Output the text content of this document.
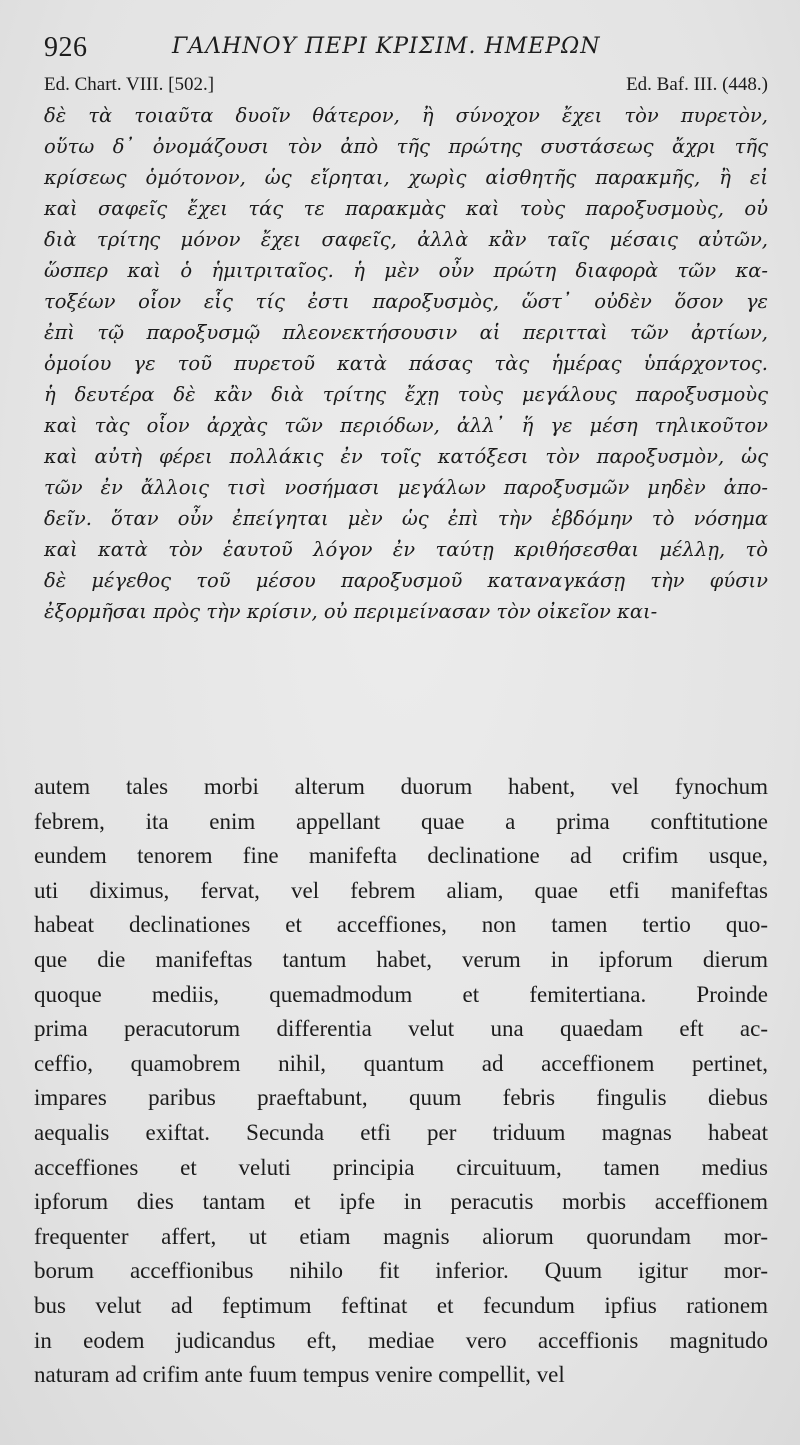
926	ΓΑΛΗΝΟΥ ΠΕΡΙ ΚΡΙΣΙΜ. ΗΜΕΡΩΝ
Ed. Chart. VIII. [502.]	Ed. Baf. III. (448.)
δὲ τὰ τοιαῦτα δυοῖν θάτερον, ἢ σύνοχον ἔχει τὸν πυρετὸν,
οὕτω δ᾽ ὀνομάζουσι τὸν ἀπὸ τῆς πρώτης συστάσεως ἄχρι τῆς
κρίσεως ὁμότονον, ὡς εἴρηται, χωρὶς αἰσθητῆς παρακμῆς, ἢ εἰ
καὶ σαφεῖς ἔχει τάς τε παρακμὰς καὶ τοὺς παροξυσμοὺς, οὐ
διὰ τρίτης μόνον ἔχει σαφεῖς, ἀλλὰ κἂν ταῖς μέσαις αὐτῶν,
ὥσπερ καὶ ὁ ἡμιτριταῖος. ἡ μὲν οὖν πρώτη διαφορὰ τῶν κα-
τοξέων οἷον εἷς τίς ἐστι παροξυσμὸς, ὥστ᾽ οὐδὲν ὅσον γε
ἐπὶ τῷ παροξυσμῷ πλεονεκτήσουσιν αἱ περιτταὶ τῶν ἀρτίων,
ὁμοίου γε τοῦ πυρετοῦ κατὰ πάσας τὰς ἡμέρας ὑπάρχοντος.
ἡ δευτέρα δὲ κἂν διὰ τρίτης ἔχῃ τοὺς μεγάλους παροξυσμοὺς
καὶ τὰς οἷον ἀρχὰς τῶν περιόδων, ἀλλ᾽ ἥ γε μέση τηλικοῦτον
καὶ αὐτὴ φέρει πολλάκις ἐν τοῖς κατόξεσι τὸν παροξυσμὸν, ὡς
τῶν ἐν ἄλλοις τισὶ νοσήμασι μεγάλων παροξυσμῶν μηδὲν ἀπο-
δεῖν. ὅταν οὖν ἐπείγηται μὲν ὡς ἐπὶ τὴν ἑβδόμην τὸ νόσημα
καὶ κατὰ τὸν ἑαυτοῦ λόγον ἐν ταύτῃ κριθήσεσθαι μέλλῃ, τὸ
δὲ μέγεθος τοῦ μέσου παροξυσμοῦ καταναγκάσῃ τὴν φύσιν
ἐξορμῆσαι πρὸς τὴν κρίσιν, οὐ περιμείνασαν τὸν οἰκεῖον και-
autem tales morbi alterum duorum habent, vel fynochum
febrem, ita enim appellant quae a prima conftitutione
eundem tenorem fine manifefta declinatione ad crifim usque,
uti diximus, fervat, vel febrem aliam, quae etfi manifeftas
habeat declinationes et acceffiones, non tamen tertio quo-
que die manifeftas tantum habet, verum in ipforum dierum
quoque mediis, quemadmodum et femitertiana. Proinde
prima peracutorum differentia velut una quaedam eft ac-
ceffio, quamobrem nihil, quantum ad acceffionem pertinet,
impares paribus praeftabunt, quum febris fingulis diebus
aequalis exiftat. Secunda etfi per triduum magnas habeat
acceffiones et veluti principia circuituum, tamen medius
ipforum dies tantam et ipfe in peracutis morbis acceffionem
frequenter affert, ut etiam magnis aliorum quorundam mor-
borum acceffionibus nihilo fit inferior. Quum igitur mor-
bus velut ad feptimum feftinat et fecundum ipfius rationem
in eodem judicandus eft, mediae vero acceffionis magnitudo
naturam ad crifim ante fuum tempus venire compellit, vel
